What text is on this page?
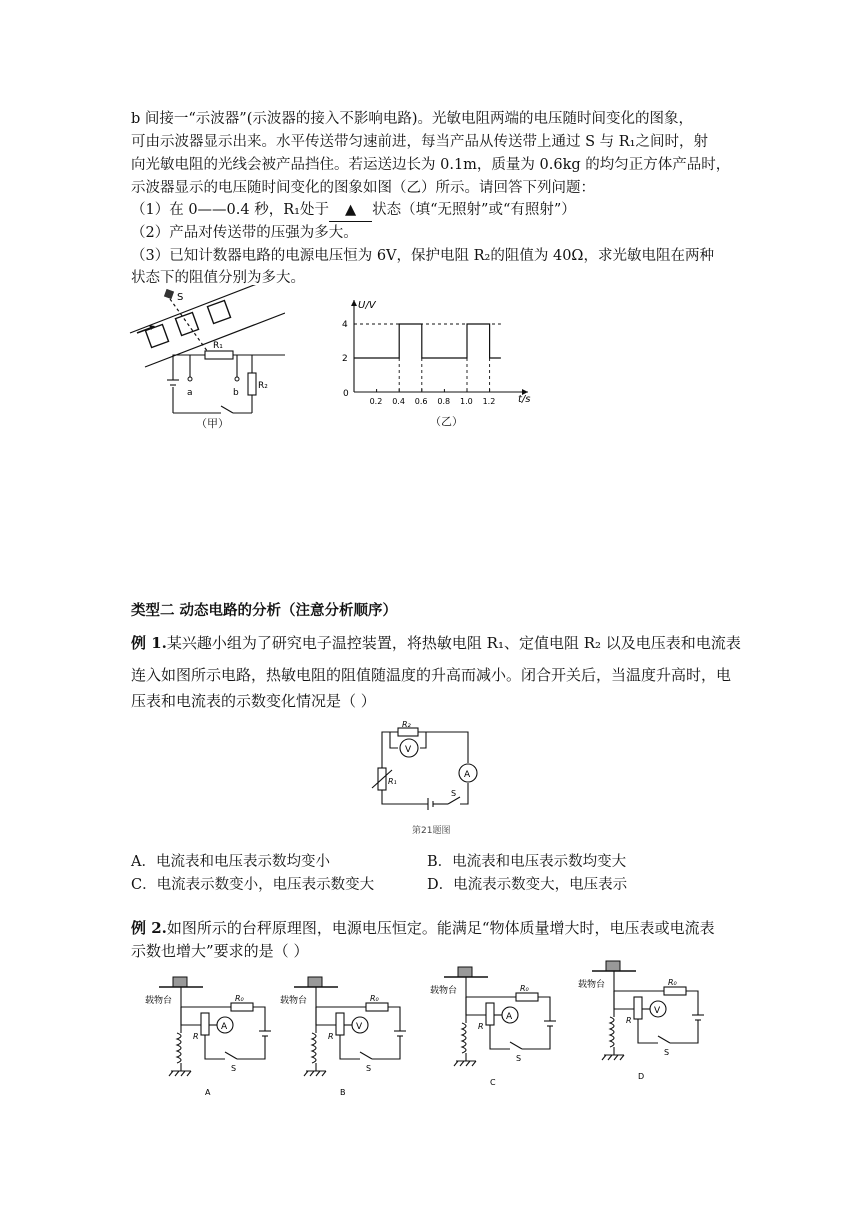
b 间接一“示波器”(示波器的接入不影响电路)。光敏电阻两端的电压随时间变化的图象，
可由示波器显示出来。水平传送带匀速前进，每当产品从传送带上通过 S 与 R₁之间时，射
向光敏电阻的光线会被产品挡住。若运送边长为 0.1m，质量为 0.6kg 的均匀正方体产品时，
示波器显示的电压随时间变化的图象如图（乙）所示。请回答下列问题：
（1）在 0——0.4 秒，R₁处于 ▲ 状态（填“无照射”或“有照射”）
（2）产品对传送带的压强为多大。
（3）已知计数器电路的电源电压恒为 6V，保护电阻 R₂的阻值为 40Ω，求光敏电阻在两种
状态下的阻值分别为多大。
S
R₁
R₂
a	b
（甲）
0.2 0.4 0.6 0.8 1.0 1.2
2
4
U/V
t/s
0
（乙）
类型二 动态电路的分析（注意分析顺序）
例 1.某兴趣小组为了研究电子温控装置，将热敏电阻 R₁、定值电阻 R₂ 以及电压表和电流表
连入如图所示电路，热敏电阻的阻值随温度的升高而减小。闭合开关后，当温度升高时，电
压表和电流表的示数变化情况是（ ）
R₂
V
R₁
A
S
第21题图
A．电流表和电压表示数均变小	B．电流表和电压表示数均变大
C．电流表示数变小，电压表示数变大	D．电流表示数变大，电压表示
例 2.如图所示的台秤原理图，电源电压恒定。能满足“物体质量增大时，电压表或电流表
示数也增大”要求的是（ ）
载物台
A
R₀
R
S
A
载物台
V
R₀
R
S
B
载物台
A
R₀
R
S
C
载物台
V
R₀
R
S
D
